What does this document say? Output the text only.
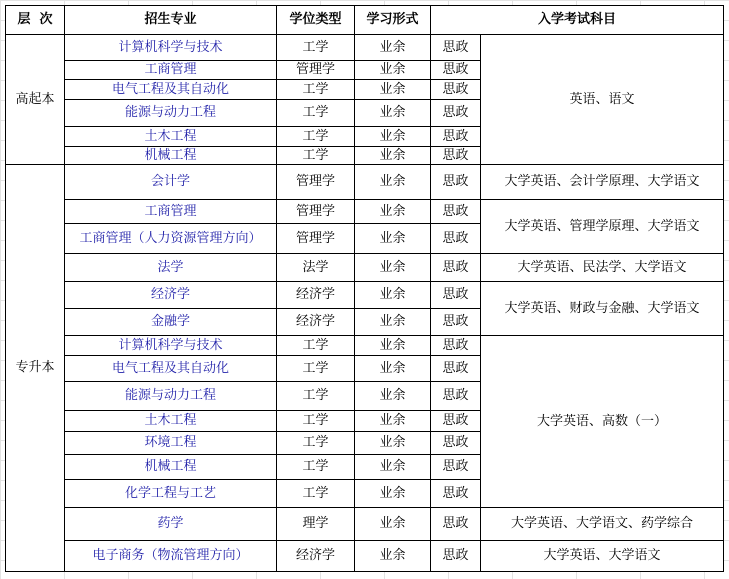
层  次	招生专业	学位类型	学习形式	入学考试科目	
高起本	计算机科学与技术	工学	业余	思政	英语、语文
	工商管理	管理学	业余	思政	
	电气工程及其自动化	工学	业余	思政	
	能源与动力工程	工学	业余	思政	
	土木工程	工学	业余	思政	
	机械工程	工学	业余	思政	
专升本	会计学	管理学	业余	思政	大学英语、会计学原理、大学语文
	工商管理	管理学	业余	思政	大学英语、管理学原理、大学语文
	工商管理（人力资源管理方向）	管理学	业余	思政	
	法学	法学	业余	思政	大学英语、民法学、大学语文
	经济学	经济学	业余	思政	大学英语、财政与金融、大学语文
	金融学	经济学	业余	思政	
	计算机科学与技术	工学	业余	思政	大学英语、高数（一）
	电气工程及其自动化	工学	业余	思政	
	能源与动力工程	工学	业余	思政	
	土木工程	工学	业余	思政	
	环境工程	工学	业余	思政	
	机械工程	工学	业余	思政	
	化学工程与工艺	工学	业余	思政	
	药学	理学	业余	思政	大学英语、大学语文、药学综合
	电子商务（物流管理方向）	经济学	业余	思政	大学英语、大学语文
